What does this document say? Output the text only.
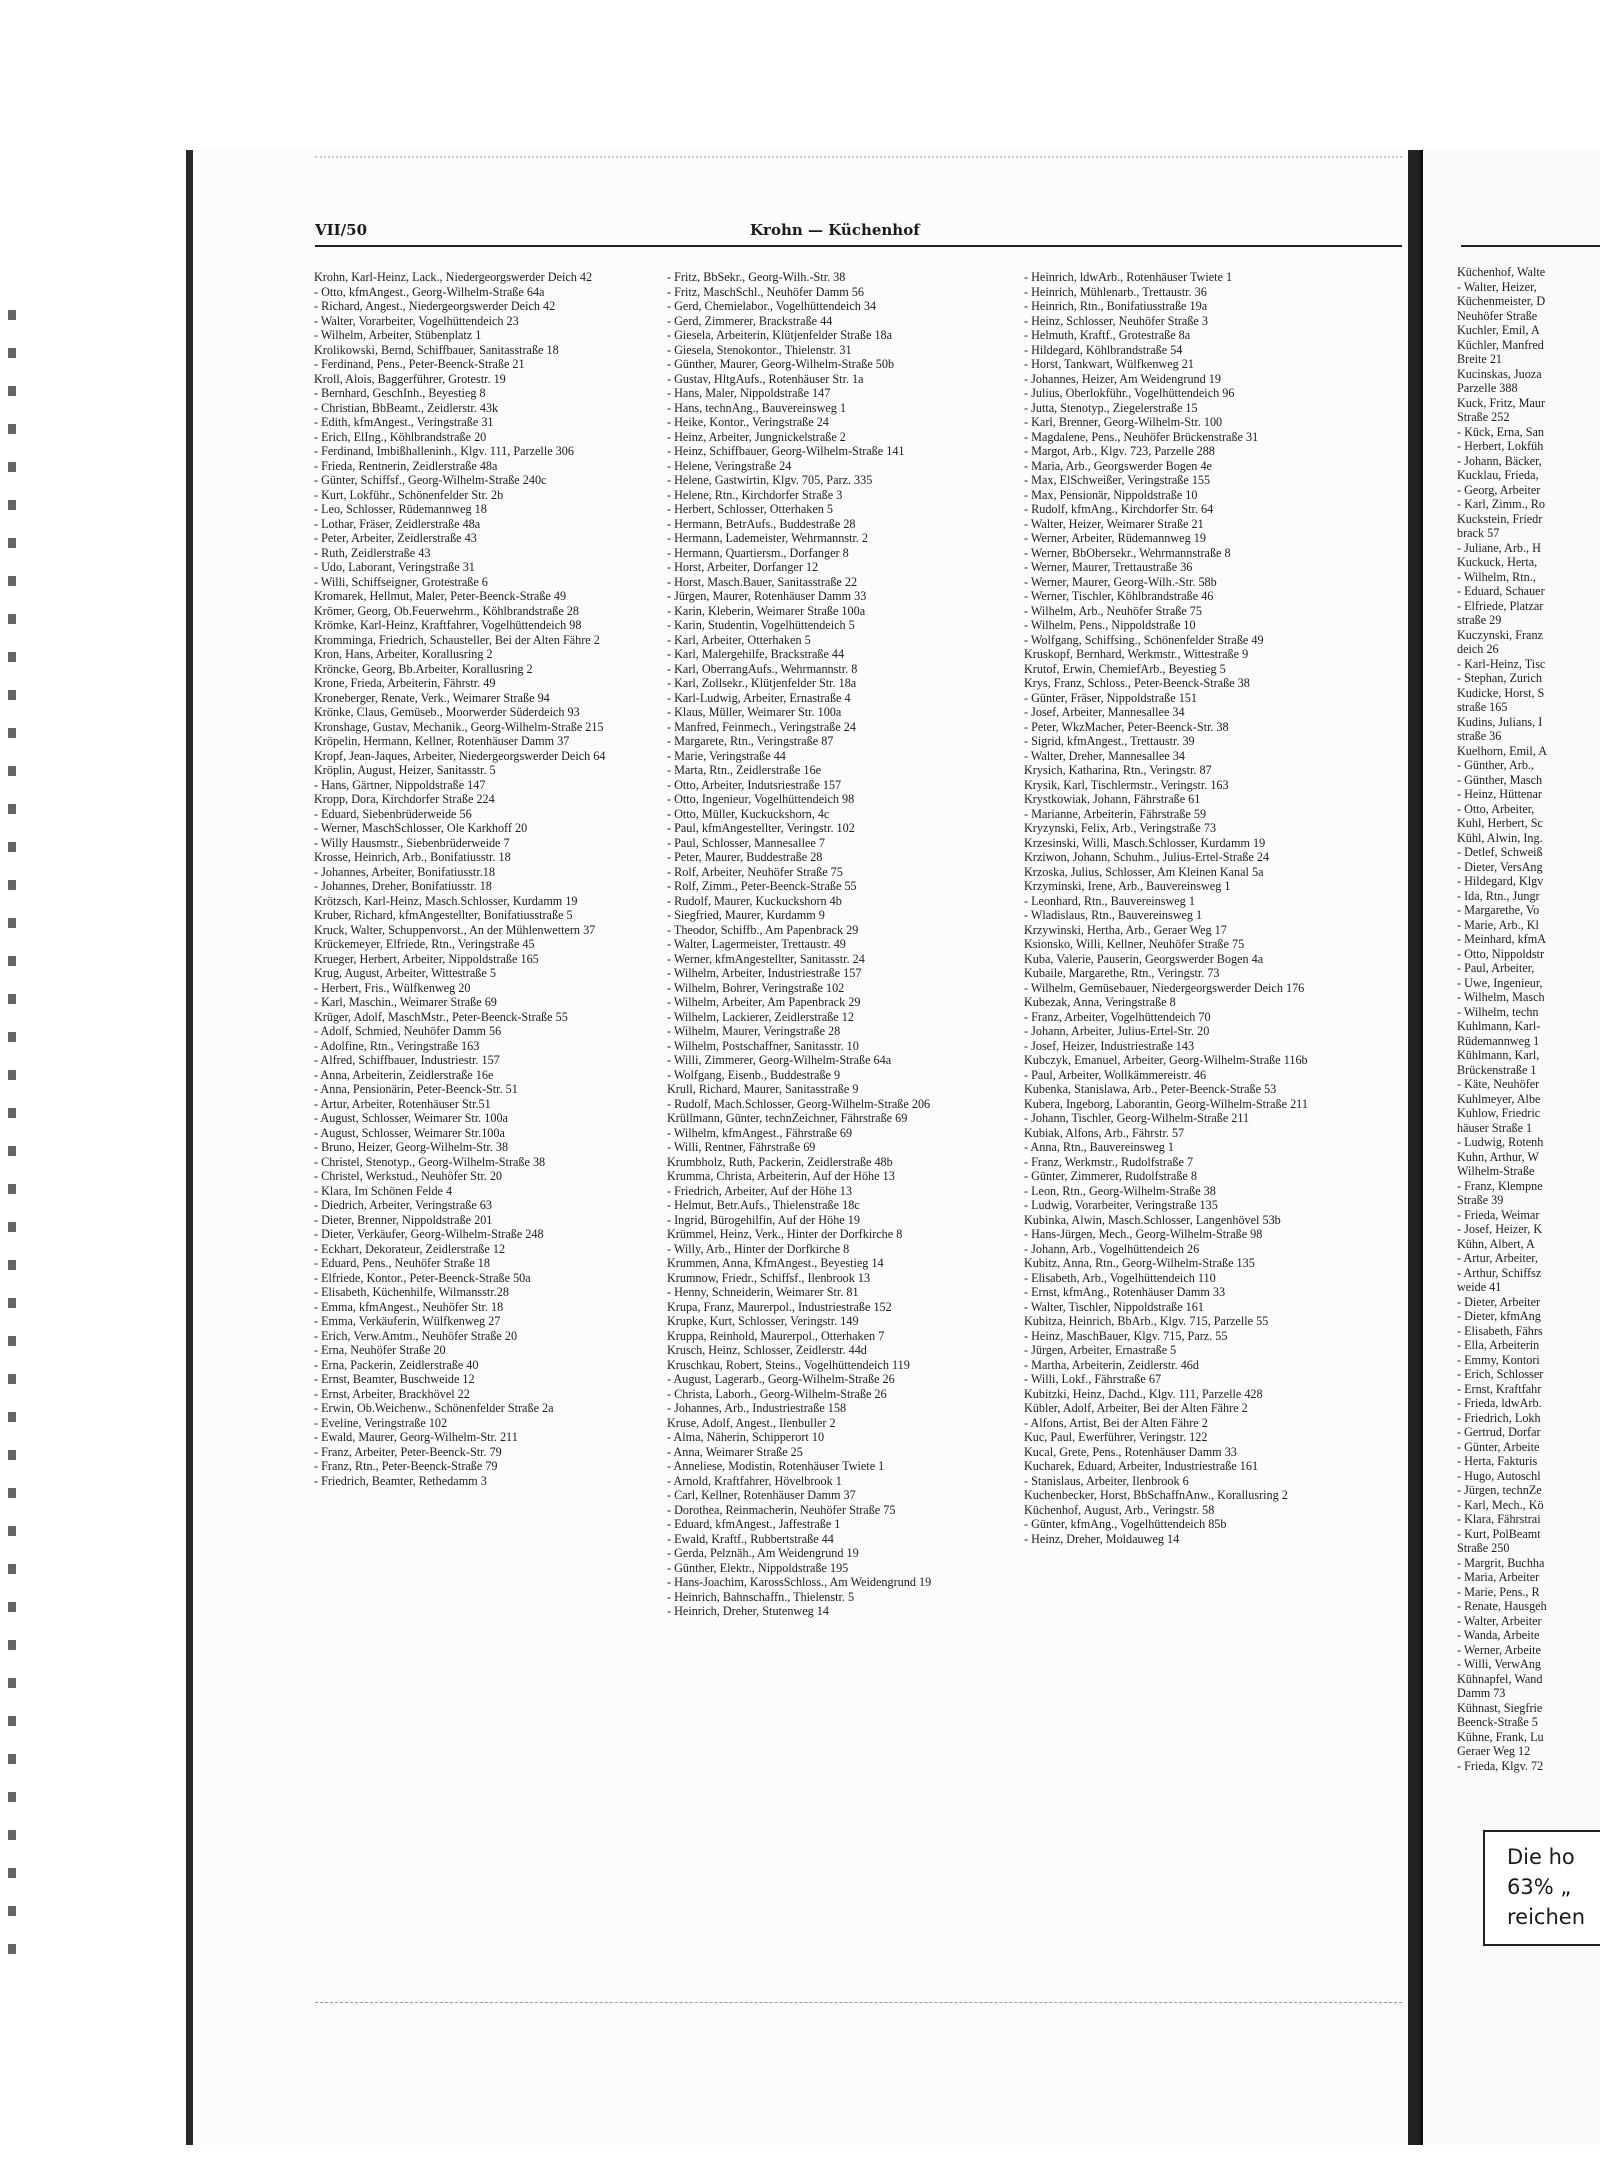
VII/50	Krohn — Küchenhof

Krohn, Karl-Heinz, Lack., Niedergeorgswerder Deich 42

- Otto, kfmAngest., Georg-Wilhelm-Straße 64a

- Richard, Angest., Niedergeorgswerder Deich 42

- Walter, Vorarbeiter, Vogelhüttendeich 23

- Wilhelm, Arbeiter, Stübenplatz 1

Krolikowski, Bernd, Schiffbauer, Sanitasstraße 18

- Ferdinand, Pens., Peter-Beenck-Straße 21

Kroll, Alois, Baggerführer, Grotestr. 19

- Bernhard, GeschInh., Beyestieg 8

- Christian, BbBeamt., Zeidlerstr. 43k

- Edith, kfmAngest., Veringstraße 31

- Erich, ElIng., Köhlbrandstraße 20

- Ferdinand, Imbißhalleninh., Klgv. 111, Parzelle 306

- Frieda, Rentnerin, Zeidlerstraße 48a

- Günter, Schiffsf., Georg-Wilhelm-Straße 240c

- Kurt, Lokführ., Schönenfelder Str. 2b

- Leo, Schlosser, Rüdemannweg 18

- Lothar, Fräser, Zeidlerstraße 48a

- Peter, Arbeiter, Zeidlerstraße 43

- Ruth, Zeidlerstraße 43

- Udo, Laborant, Veringstraße 31

- Willi, Schiffseigner, Grotestraße 6

Kromarek, Hellmut, Maler, Peter-Beenck-Straße 49

Krömer, Georg, Ob.Feuerwehrm., Köhlbrandstraße 28

Krömke, Karl-Heinz, Kraftfahrer, Vogelhüttendeich 98

Kromminga, Friedrich, Schausteller, Bei der Alten Fähre 2

Kron, Hans, Arbeiter, Korallusring 2

Kröncke, Georg, Bb.Arbeiter, Korallusring 2

Krone, Frieda, Arbeiterin, Fährstr. 49

Kroneberger, Renate, Verk., Weimarer Straße 94

Krönke, Claus, Gemüseb., Moorwerder Süderdeich 93

Kronshage, Gustav, Mechanik., Georg-Wilhelm-Straße 215

Kröpelin, Hermann, Kellner, Rotenhäuser Damm 37

Kropf, Jean-Jaques, Arbeiter, Niedergeorgswerder Deich 64

Kröplin, August, Heizer, Sanitasstr. 5

- Hans, Gärtner, Nippoldstraße 147

Kropp, Dora, Kirchdorfer Straße 224

- Eduard, Siebenbrüderweide 56

- Werner, MaschSchlosser, Ole Karkhoff 20

- Willy Hausmstr., Siebenbrüderweide 7

Krosse, Heinrich, Arb., Bonifatiusstr. 18

- Johannes, Arbeiter, Bonifatiusstr.18

- Johannes, Dreher, Bonifatiusstr. 18

Krötzsch, Karl-Heinz, Masch.Schlosser, Kurdamm 19

Kruber, Richard, kfmAngestellter, Bonifatiusstraße 5

Kruck, Walter, Schuppenvorst., An der Mühlenwettern 37

Krückemeyer, Elfriede, Rtn., Veringstraße 45

Krueger, Herbert, Arbeiter, Nippoldstraße 165

Krug, August, Arbeiter, Wittestraße 5

- Herbert, Fris., Wülfkenweg 20

- Karl, Maschin., Weimarer Straße 69

Krüger, Adolf, MaschMstr., Peter-Beenck-Straße 55

- Adolf, Schmied, Neuhöfer Damm 56

- Adolfine, Rtn., Veringstraße 163

- Alfred, Schiffbauer, Industriestr. 157

- Anna, Arbeiterin, Zeidlerstraße 16e

- Anna, Pensionärin, Peter-Beenck-Str. 51

- Artur, Arbeiter, Rotenhäuser Str.51

- August, Schlosser, Weimarer Str. 100a

- August, Schlosser, Weimarer Str.100a

- Bruno, Heizer, Georg-Wilhelm-Str. 38

- Christel, Stenotyp., Georg-Wilhelm-Straße 38

- Christel, Werkstud., Neuhöfer Str. 20

- Klara, Im Schönen Felde 4

- Diedrich, Arbeiter, Veringstraße 63

- Dieter, Brenner, Nippoldstraße 201

- Dieter, Verkäufer, Georg-Wilhelm-Straße 248

- Eckhart, Dekorateur, Zeidlerstraße 12

- Eduard, Pens., Neuhöfer Straße 18

- Elfriede, Kontor., Peter-Beenck-Straße 50a

- Elisabeth, Küchenhilfe, Wilmansstr.28

- Emma, kfmAngest., Neuhöfer Str. 18

- Emma, Verkäuferin, Wülfkenweg 27

- Erich, Verw.Amtm., Neuhöfer Straße 20

- Erna, Neuhöfer Straße 20

- Erna, Packerin, Zeidlerstraße 40

- Ernst, Beamter, Buschweide 12

- Ernst, Arbeiter, Brackhövel 22

- Erwin, Ob.Weichenw., Schönenfelder Straße 2a

- Eveline, Veringstraße 102

- Ewald, Maurer, Georg-Wilhelm-Str. 211

- Franz, Arbeiter, Peter-Beenck-Str. 79

- Franz, Rtn., Peter-Beenck-Straße 79

- Friedrich, Beamter, Rethedamm 3

- Fritz, BbSekr., Georg-Wilh.-Str. 38

- Fritz, MaschSchl., Neuhöfer Damm 56

- Gerd, Chemielabor., Vogelhüttendeich 34

- Gerd, Zimmerer, Brackstraße 44

- Giesela, Arbeiterin, Klütjenfelder Straße 18a

- Giesela, Stenokontor., Thielenstr. 31

- Günther, Maurer, Georg-Wilhelm-Straße 50b

- Gustav, HltgAufs., Rotenhäuser Str. 1a

- Hans, Maler, Nippoldstraße 147

- Hans, technAng., Bauvereinsweg 1

- Heike, Kontor., Veringstraße 24

- Heinz, Arbeiter, Jungnickelstraße 2

- Heinz, Schiffbauer, Georg-Wilhelm-Straße 141

- Helene, Veringstraße 24

- Helene, Gastwirtin, Klgv. 705, Parz. 335

- Helene, Rtn., Kirchdorfer Straße 3

- Herbert, Schlosser, Otterhaken 5

- Hermann, BetrAufs., Buddestraße 28

- Hermann, Lademeister, Wehrmannstr. 2

- Hermann, Quartiersm., Dorfanger 8

- Horst, Arbeiter, Dorfanger 12

- Horst, Masch.Bauer, Sanitasstraße 22

- Jürgen, Maurer, Rotenhäuser Damm 33

- Karin, Kleberin, Weimarer Straße 100a

- Karin, Studentin, Vogelhüttendeich 5

- Karl, Arbeiter, Otterhaken 5

- Karl, Malergehilfe, Brackstraße 44

- Karl, OberrangAufs., Wehrmannstr. 8

- Karl, Zollsekr., Klütjenfelder Str. 18a

- Karl-Ludwig, Arbeiter, Ernastraße 4

- Klaus, Müller, Weimarer Str. 100a

- Manfred, Feinmech., Veringstraße 24

- Margarete, Rtn., Veringstraße 87

- Marie, Veringstraße 44

- Marta, Rtn., Zeidlerstraße 16e

- Otto, Arbeiter, Indutsriestraße 157

- Otto, Ingenieur, Vogelhüttendeich 98

- Otto, Müller, Kuckuckshorn, 4c

- Paul, kfmAngestellter, Veringstr. 102

- Paul, Schlosser, Mannesallee 7

- Peter, Maurer, Buddestraße 28

- Rolf, Arbeiter, Neuhöfer Straße 75

- Rolf, Zimm., Peter-Beenck-Straße 55

- Rudolf, Maurer, Kuckuckshorn 4b

- Siegfried, Maurer, Kurdamm 9

- Theodor, Schiffb., Am Papenbrack 29

- Walter, Lagermeister, Trettaustr. 49

- Werner, kfmAngestellter, Sanitasstr. 24

- Wilhelm, Arbeiter, Industriestraße 157

- Wilhelm, Bohrer, Veringstraße 102

- Wilhelm, Arbeiter, Am Papenbrack 29

- Wilhelm, Lackierer, Zeidlerstraße 12

- Wilhelm, Maurer, Veringstraße 28

- Wilhelm, Postschaffner, Sanitasstr. 10

- Willi, Zimmerer, Georg-Wilhelm-Straße 64a

- Wolfgang, Eisenb., Buddestraße 9

Krull, Richard, Maurer, Sanitasstraße 9

- Rudolf, Mach.Schlosser, Georg-Wilhelm-Straße 206

Krüllmann, Günter, technZeichner, Fährstraße 69

- Wilhelm, kfmAngest., Fährstraße 69

- Willi, Rentner, Fährstraße 69

Krumbholz, Ruth, Packerin, Zeidlerstraße 48b

Krumma, Christa, Arbeiterin, Auf der Höhe 13

- Friedrich, Arbeiter, Auf der Höhe 13

- Helmut, Betr.Aufs., Thielenstraße 18c

- Ingrid, Bürogehilfin, Auf der Höhe 19

Krümmel, Heinz, Verk., Hinter der Dorfkirche 8

- Willy, Arb., Hinter der Dorfkirche 8

Krummen, Anna, KfmAngest., Beyestieg 14

Krumnow, Friedr., Schiffsf., Ilenbrook 13

- Henny, Schneiderin, Weimarer Str. 81

Krupa, Franz, Maurerpol., Industriestraße 152

Krupke, Kurt, Schlosser, Veringstr. 149

Kruppa, Reinhold, Maurerpol., Otterhaken 7

Krusch, Heinz, Schlosser, Zeidlerstr. 44d

Kruschkau, Robert, Steins., Vogelhüttendeich 119

- August, Lagerarb., Georg-Wilhelm-Straße 26

- Christa, Laborh., Georg-Wilhelm-Straße 26

- Johannes, Arb., Industriestraße 158

Kruse, Adolf, Angest., Ilenbuller 2

- Alma, Näherin, Schipperort 10

- Anna, Weimarer Straße 25

- Anneliese, Modistin, Rotenhäuser Twiete 1

- Arnold, Kraftfahrer, Hövelbrook 1

- Carl, Kellner, Rotenhäuser Damm 37

- Dorothea, Reinmacherin, Neuhöfer Straße 75

- Eduard, kfmAngest., Jaffestraße 1

- Ewald, Kraftf., Rubbertstraße 44

- Gerda, Pelznäh., Am Weidengrund 19

- Günther, Elektr., Nippoldstraße 195

- Hans-Joachim, KarossSchloss., Am Weidengrund 19

- Heinrich, Bahnschaffn., Thielenstr. 5

- Heinrich, Dreher, Stutenweg 14

- Heinrich, ldwArb., Rotenhäuser Twiete 1

- Heinrich, Mühlenarb., Trettaustr. 36

- Heinrich, Rtn., Bonifatiusstraße 19a

- Heinz, Schlosser, Neuhöfer Straße 3

- Helmuth, Kraftf., Grotestraße 8a

- Hildegard, Köhlbrandstraße 54

- Horst, Tankwart, Wülfkenweg 21

- Johannes, Heizer, Am Weidengrund 19

- Julius, Oberlokführ., Vogelhüttendeich 96

- Jutta, Stenotyp., Ziegelerstraße 15

- Karl, Brenner, Georg-Wilhelm-Str. 100

- Magdalene, Pens., Neuhöfer Brückenstraße 31

- Margot, Arb., Klgv. 723, Parzelle 288

- Maria, Arb., Georgswerder Bogen 4e

- Max, ElSchweißer, Veringstraße 155

- Max, Pensionär, Nippoldstraße 10

- Rudolf, kfmAng., Kirchdorfer Str. 64

- Walter, Heizer, Weimarer Straße 21

- Werner, Arbeiter, Rüdemannweg 19

- Werner, BbObersekr., Wehrmannstraße 8

- Werner, Maurer, Trettaustraße 36

- Werner, Maurer, Georg-Wilh.-Str. 58b

- Werner, Tischler, Köhlbrandstraße 46

- Wilhelm, Arb., Neuhöfer Straße 75

- Wilhelm, Pens., Nippoldstraße 10

- Wolfgang, Schiffsing., Schönenfelder Straße 49

Kruskopf, Bernhard, Werkmstr., Wittestraße 9

Krutof, Erwin, ChemiefArb., Beyestieg 5

Krys, Franz, Schloss., Peter-Beenck-Straße 38

- Günter, Fräser, Nippoldstraße 151

- Josef, Arbeiter, Mannesallee 34

- Peter, WkzMacher, Peter-Beenck-Str. 38

- Sigrid, kfmAngest., Trettaustr. 39

- Walter, Dreher, Mannesallee 34

Krysich, Katharina, Rtn., Veringstr. 87

Krysik, Karl, Tischlermstr., Veringstr. 163

Krystkowiak, Johann, Fährstraße 61

- Marianne, Arbeiterin, Fährstraße 59

Kryzynski, Felix, Arb., Veringstraße 73

Krzesinski, Willi, Masch.Schlosser, Kurdamm 19

Krziwon, Johann, Schuhm., Julius-Ertel-Straße 24

Krzoska, Julius, Schlosser, Am Kleinen Kanal 5a

Krzyminski, Irene, Arb., Bauvereinsweg 1

- Leonhard, Rtn., Bauvereinsweg 1

- Wladislaus, Rtn., Bauvereinsweg 1

Krzywinski, Hertha, Arb., Geraer Weg 17

Ksionsko, Willi, Kellner, Neuhöfer Straße 75

Kuba, Valerie, Pauserin, Georgswerder Bogen 4a

Kubaile, Margarethe, Rtn., Veringstr. 73

- Wilhelm, Gemüsebauer, Niedergeorgswerder Deich 176

Kubezak, Anna, Veringstraße 8

- Franz, Arbeiter, Vogelhüttendeich 70

- Johann, Arbeiter, Julius-Ertel-Str. 20

- Josef, Heizer, Industriestraße 143

Kubczyk, Emanuel, Arbeiter, Georg-Wilhelm-Straße 116b

- Paul, Arbeiter, Wollkämmereistr. 46

Kubenka, Stanislawa, Arb., Peter-Beenck-Straße 53

Kubera, Ingeborg, Laborantin, Georg-Wilhelm-Straße 211

- Johann, Tischler, Georg-Wilhelm-Straße 211

Kubiak, Alfons, Arb., Fährstr. 57

- Anna, Rtn., Bauvereinsweg 1

- Franz, Werkmstr., Rudolfstraße 7

- Günter, Zimmerer, Rudolfstraße 8

- Leon, Rtn., Georg-Wilhelm-Straße 38

- Ludwig, Vorarbeiter, Veringstraße 135

Kubinka, Alwin, Masch.Schlosser, Langenhövel 53b

- Hans-Jürgen, Mech., Georg-Wilhelm-Straße 98

- Johann, Arb., Vogelhüttendeich 26

Kubitz, Anna, Rtn., Georg-Wilhelm-Straße 135

- Elisabeth, Arb., Vogelhüttendeich 110

- Ernst, kfmAng., Rotenhäuser Damm 33

- Walter, Tischler, Nippoldstraße 161

Kubitza, Heinrich, BbArb., Klgv. 715, Parzelle 55

- Heinz, MaschBauer, Klgv. 715, Parz. 55

- Jürgen, Arbeiter, Ernastraße 5

- Martha, Arbeiterin, Zeidlerstr. 46d

- Willi, Lokf., Fährstraße 67

Kubitzki, Heinz, Dachd., Klgv. 111, Parzelle 428

Kübler, Adolf, Arbeiter, Bei der Alten Fähre 2

- Alfons, Artist, Bei der Alten Fähre 2

Kuc, Paul, Ewerführer, Veringstr. 122

Kucal, Grete, Pens., Rotenhäuser Damm 33

Kucharek, Eduard, Arbeiter, Industriestraße 161

- Stanislaus, Arbeiter, Ilenbrook 6

Kuchenbecker, Horst, BbSchaffnAnw., Korallusring 2

Küchenhof, August, Arb., Veringstr. 58

- Günter, kfmAng., Vogelhüttendeich 85b

- Heinz, Dreher, Moldauweg 14

Küchenhof, Walte
- Walter, Heizer,
Küchenmeister, D
Neuhöfer Straße
Kuchler, Emil, A
Küchler, Manfred
Breite 21
Kucinskas, Juoza
Parzelle 388
Kuck, Fritz, Maur
Straße 252
- Kück, Erna, San
- Herbert, Lokfüh
- Johann, Bäcker,
Kucklau, Frieda,
- Georg, Arbeiter
- Karl, Zimm., Ro
Kuckstein, Friedr
brack 57
- Juliane, Arb., H
Kuckuck, Herta,
- Wilhelm, Rtn.,
- Eduard, Schauer
- Elfriede, Platzar
straße 29
Kuczynski, Franz
deich 26
- Karl-Heinz, Tisc
- Stephan, Zurich
Kudicke, Horst, S
straße 165
Kudins, Julians, I
straße 36
Kuelhorn, Emil, A
- Günther, Arb.,
- Günther, Masch
- Heinz, Hüttenar
- Otto, Arbeiter,
Kuhl, Herbert, Sc
Kühl, Alwin, Ing.
- Detlef, Schweiß
- Dieter, VersAng
- Hildegard, Klgv
- Ida, Rtn., Jungr
- Margarethe, Vo
- Marie, Arb., Kl
- Meinhard, kfmA
- Otto, Nippoldstr
- Paul, Arbeiter,
- Uwe, Ingenieur,
- Wilhelm, Masch
- Wilhelm, techn
Kuhlmann, Karl-
Rüdemannweg 1
Kühlmann, Karl,
Brückenstraße 1
- Käte, Neuhöfer
Kuhlmeyer, Albe
Kuhlow, Friedric
häuser Straße 1
- Ludwig, Rotenh
Kuhn, Arthur, W
Wilhelm-Straße
- Franz, Klempne
Straße 39
- Frieda, Weimar
- Josef, Heizer, K
Kühn, Albert, A
- Artur, Arbeiter,
- Arthur, Schiffsz
weide 41
- Dieter, Arbeiter
- Dieter, kfmAng
- Elisabeth, Fährs
- Ella, Arbeiterin
- Emmy, Kontori
- Erich, Schlosser
- Ernst, Kraftfahr
- Frieda, ldwArb.
- Friedrich, Lokh
- Gertrud, Dorfar
- Günter, Arbeite
- Herta, Fakturis
- Hugo, Autoschl
- Jürgen, technZe
- Karl, Mech., Kö
- Klara, Fährstrai
- Kurt, PolBeamt
Straße 250
- Margrit, Buchha
- Maria, Arbeiter
- Marie, Pens., R
- Renate, Hausgeh
- Walter, Arbeiter
- Wanda, Arbeite
- Werner, Arbeite
- Willi, VerwAng
Kühnapfel, Wand
Damm 73
Kühnast, Siegfrie
Beenck-Straße 5
Kühne, Frank, Lu
Geraer Weg 12
- Frieda, Klgv. 72
Die ho
63% „
reichen
